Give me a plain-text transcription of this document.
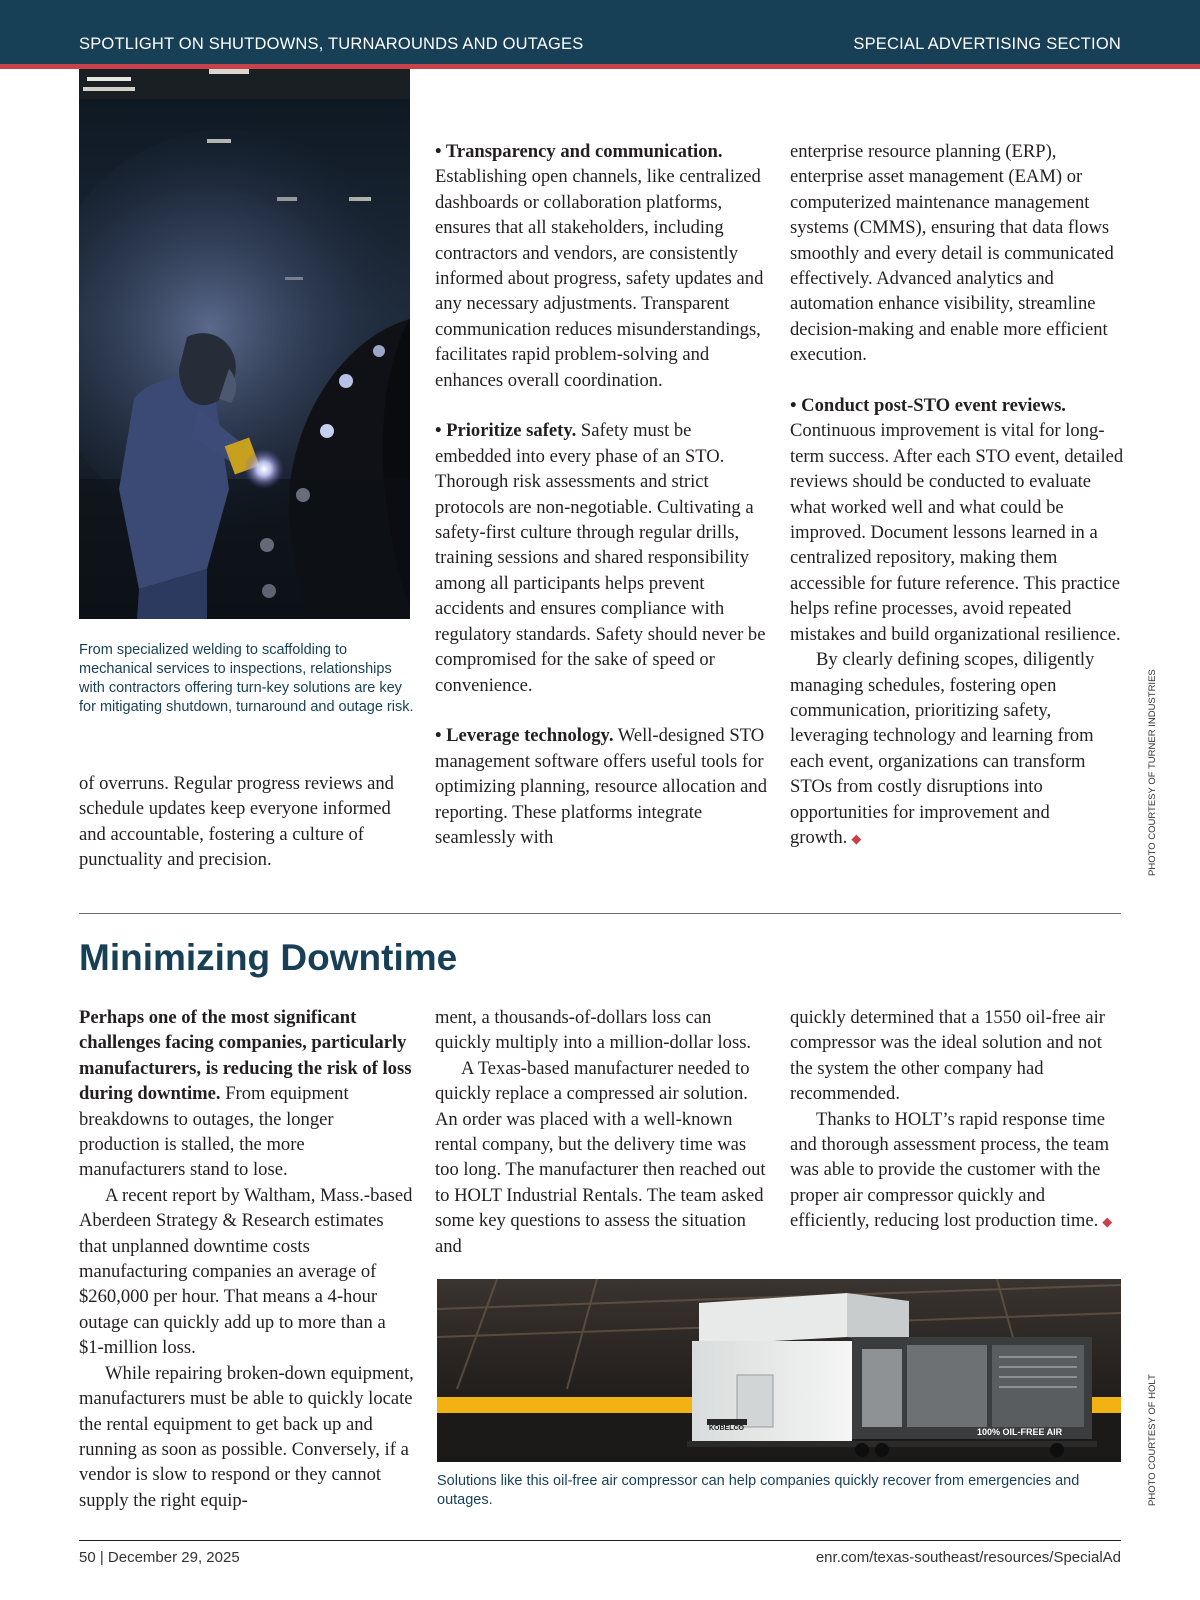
SPOTLIGHT ON SHUTDOWNS, TURNAROUNDS AND OUTAGES	SPECIAL ADVERTISING SECTION
From specialized welding to scaffolding to mechanical services to inspections, relationships with contractors offering turn-key solutions are key for mitigating shutdown, turnaround and outage risk.

of overruns. Regular progress reviews and schedule updates keep everyone informed and accountable, fostering a culture of punctuality and precision.

• Transparency and communication. Establishing open channels, like centralized dashboards or collaboration platforms, ensures that all stakeholders, including contractors and vendors, are consistently informed about progress, safety updates and any necessary adjustments. Transparent communication reduces misunderstandings, facilitates rapid problem-solving and enhances overall coordination.

• Prioritize safety. Safety must be embedded into every phase of an STO. Thorough risk assessments and strict protocols are non-negotiable. Cultivating a safety-first culture through regular drills, training sessions and shared responsibility among all participants helps prevent accidents and ensures compliance with regulatory standards. Safety should never be compromised for the sake of speed or convenience.

• Leverage technology. Well-designed STO management software offers useful tools for optimizing planning, resource allocation and reporting. These platforms integrate seamlessly with

enterprise resource planning (ERP), enterprise asset management (EAM) or computerized maintenance management systems (CMMS), ensuring that data flows smoothly and every detail is communicated effectively. Advanced analytics and automation enhance visibility, streamline decision-making and enable more efficient execution.

• Conduct post-STO event reviews. Continuous improvement is vital for long-term success. After each STO event, detailed reviews should be conducted to evaluate what worked well and what could be improved. Document lessons learned in a centralized repository, making them accessible for future reference. This practice helps refine processes, avoid repeated mistakes and build organizational resilience.

By clearly defining scopes, diligently managing schedules, fostering open communication, prioritizing safety, leveraging technology and learning from each event, organizations can transform STOs from costly disruptions into opportunities for improvement and growth. ◆	PHOTO COURTESY OF TURNER INDUSTRIES
Minimizing Downtime

Perhaps one of the most significant challenges facing companies, particularly manufacturers, is reducing the risk of loss during downtime. From equipment breakdowns to outages, the longer production is stalled, the more manufacturers stand to lose.

A recent report by Waltham, Mass.-based Aberdeen Strategy & Research estimates that unplanned downtime costs manufacturing companies an average of $260,000 per hour. That means a 4-hour outage can quickly add up to more than a $1-million loss.

While repairing broken-down equipment, manufacturers must be able to quickly locate the rental equipment to get back up and running as soon as possible. Conversely, if a vendor is slow to respond or they cannot supply the right equip-

ment, a thousands-of-dollars loss can quickly multiply into a million-dollar loss.

A Texas-based manufacturer needed to quickly replace a compressed air solution. An order was placed with a well-known rental company, but the delivery time was too long. The manufacturer then reached out to HOLT Industrial Rentals. The team asked some key questions to assess the situation and

quickly determined that a 1550 oil-free air compressor was the ideal solution and not the system the other company had recommended.

Thanks to HOLT’s rapid response time and thorough assessment process, the team was able to provide the customer with the proper air compressor quickly and efficiently, reducing lost production time. ◆

KOBELCO	100% OIL-FREE AIR
Solutions like this oil-free air compressor can help companies quickly recover from emergencies and outages.	PHOTO COURTESY OF HOLT
50 | December 29, 2025	enr.com/texas-southeast/resources/SpecialAd
